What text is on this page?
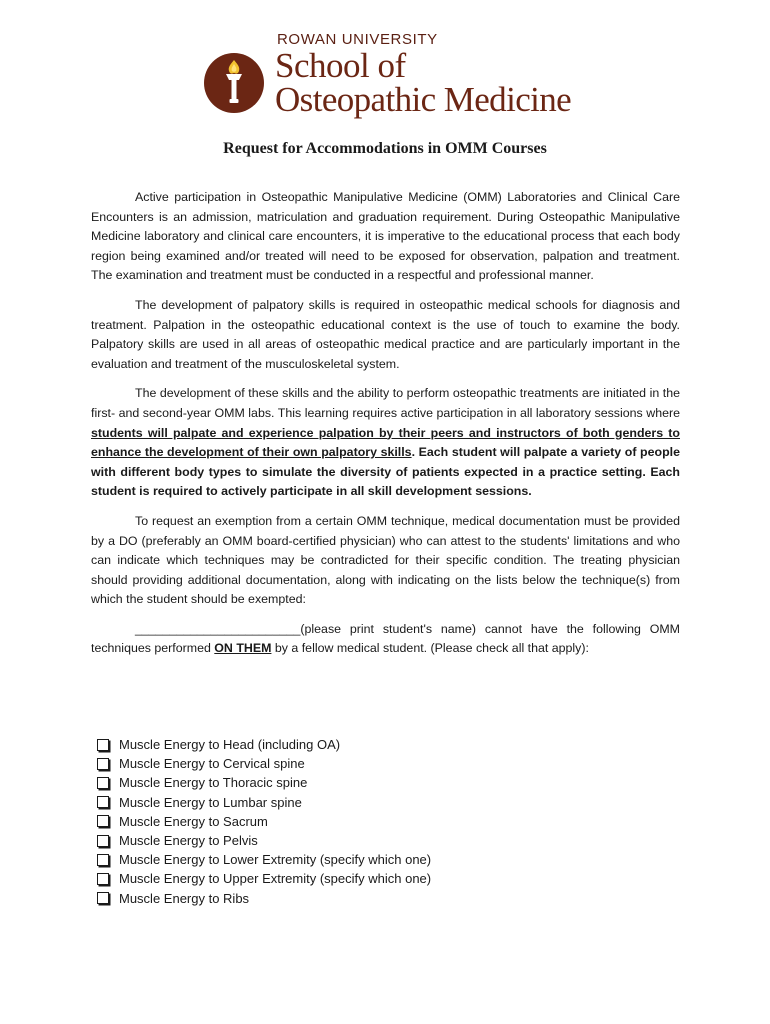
ROWAN UNIVERSITY
School of
Osteopathic Medicine
Request for Accommodations in OMM Courses

Active participation in Osteopathic Manipulative Medicine (OMM) Laboratories and Clinical Care Encounters is an admission, matriculation and graduation requirement. During Osteopathic Manipulative Medicine laboratory and clinical care encounters, it is imperative to the educational process that each body region being examined and/or treated will need to be exposed for observation, palpation and treatment. The examination and treatment must be conducted in a respectful and professional manner.

The development of palpatory skills is required in osteopathic medical schools for diagnosis and treatment. Palpation in the osteopathic educational context is the use of touch to examine the body. Palpatory skills are used in all areas of osteopathic medical practice and are particularly important in the evaluation and treatment of the musculoskeletal system.

The development of these skills and the ability to perform osteopathic treatments are initiated in the first- and second-year OMM labs. This learning requires active participation in all laboratory sessions where students will palpate and experience palpation by their peers and instructors of both genders to enhance the development of their own palpatory skills. Each student will palpate a variety of people with different body types to simulate the diversity of patients expected in a practice setting. Each student is required to actively participate in all skill development sessions.

To request an exemption from a certain OMM technique, medical documentation must be provided by a DO (preferably an OMM board-certified physician) who can attest to the students' limitations and who can indicate which techniques may be contradicted for their specific condition. The treating physician should providing additional documentation, along with indicating on the lists below the technique(s) from which the student should be exempted:

________________________(please print student's name) cannot have the following OMM techniques performed ON THEM by a fellow medical student. (Please check all that apply):

Muscle Energy to Head (including OA)
Muscle Energy to Cervical spine
Muscle Energy to Thoracic spine
Muscle Energy to Lumbar spine
Muscle Energy to Sacrum
Muscle Energy to Pelvis
Muscle Energy to Lower Extremity (specify which one)
Muscle Energy to Upper Extremity (specify which one)
Muscle Energy to Ribs
